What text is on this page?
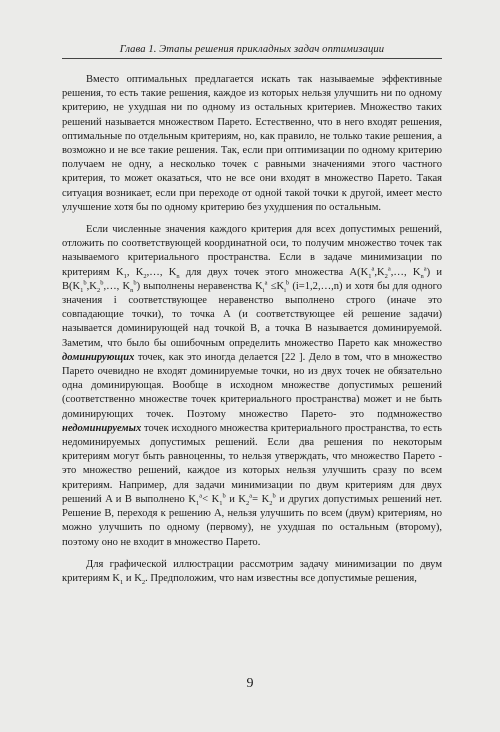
Глава 1. Этапы решения прикладных задач оптимизации

Вместо оптимальных предлагается искать так называемые эффективные решения, то есть такие решения, каждое из которых нельзя улучшить ни по одному критерию, не ухудшая ни по одному из остальных критериев. Множество таких решений называется множеством Парето. Естественно, что в него входят решения, оптимальные по отдельным критериям, но, как правило, не только такие решения, а возможно и не все такие решения. Так, если при оптимизации по одному критерию получаем не одну, а несколько точек с равными значениями этого частного критерия, то может оказаться, что не все они входят в множество Парето. Такая ситуация возникает, если при переходе от одной такой точки к другой, имеет место улучшение хотя бы по одному критерию без ухудшения по остальным.

Если численные значения каждого критерия для всех допустимых решений, отложить по соответствующей координатной оси, то получим множество точек так называемого критериального пространства. Если в задаче минимизации по критериям $K_1$, $K_2,\dots$, $K_n$ для двух точек этого множества $A(K_1^a,K_2^a,\dots$, $K_n^a$) и $B(K_1^b,K_2^b,\dots$, $K_n^b$) выполнены неравенства $K_i^a \le K_i^b$ (i=1,2,…,n) и хотя бы для одного значения i соответствующее неравенство выполнено строго (иначе это совпадающие точки), то точка A (и соответствующее ей решение задачи) называется доминирующей над точкой B, а точка B называется доминируемой. Заметим, что было бы ошибочным определить множество Парето как множество доминирующих точек, как это иногда делается [22 ]. Дело в том, что в множество Парето очевидно не входят доминируемые точки, но из двух точек не обязательно одна доминирующая. Вообще в исходном множестве допустимых решений (соответственно множестве точек критериального пространства) может и не быть доминирующих точек. Поэтому множество Парето- это подмножество недоминируемых точек исходного множества критериального пространства, то есть недоминируемых допустимых решений. Если два решения по некоторым критериям могут быть равноценны, то нельзя утверждать, что множество Парето - это множество решений, каждое из которых нельзя улучшить сразу по всем критериям. Например, для задачи минимизации по двум критериям для двух решений A и B выполнено $K_1^a< K_1^b$ и $K_2^a= K_2^b$ и других допустимых решений нет. Решение B, переходя к решению A, нельзя улучшить по всем (двум) критериям, но можно улучшить по одному (первому), не ухудшая по остальным (второму), поэтому оно не входит в множество Парето.

Для графической иллюстрации рассмотрим задачу минимизации по двум критериям $K_1$ и $K_2$. Предположим, что нам известны все допустимые решения,

9
